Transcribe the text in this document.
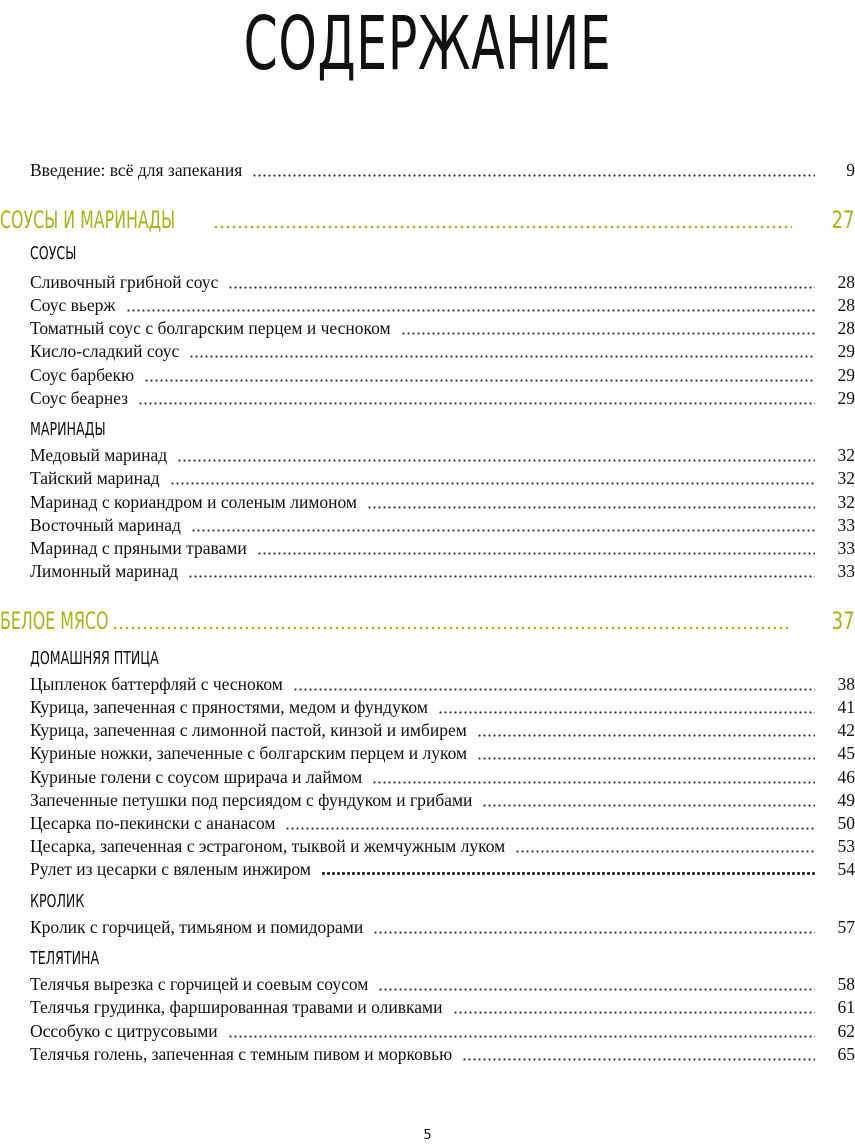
СОДЕРЖАНИЕ
Введение: всё для запекания	9
СОУСЫ И МАРИНАДЫ	27
СОУСЫ
Сливочный грибной соус	28
Соус вьерж	28
Томатный соус с болгарским перцем и чесноком	28
Кисло-сладкий соус	29
Соус барбекю	29
Соус беарнез	29
МАРИНАДЫ
Медовый маринад	32
Тайский маринад	32
Маринад с кориандром и соленым лимоном	32
Восточный маринад	33
Маринад с пряными травами	33
Лимонный маринад	33
БЕЛОЕ МЯСО	37
ДОМАШНЯЯ ПТИЦА
Цыпленок баттерфляй с чесноком	38
Курица, запеченная с пряностями, медом и фундуком	41
Курица, запеченная с лимонной пастой, кинзой и имбирем	42
Куриные ножки, запеченные с болгарским перцем и луком	45
Куриные голени с соусом шрирача и лаймом	46
Запеченные петушки под персиядом с фундуком и грибами	49
Цесарка по-пекински с ананасом	50
Цесарка, запеченная с эстрагоном, тыквой и жемчужным луком	53
Рулет из цесарки с вяленым инжиром	54
КРОЛИК
Кролик с горчицей, тимьяном и помидорами	57
ТЕЛЯТИНА
Телячья вырезка с горчицей и соевым соусом	58
Телячья грудинка, фаршированная травами и оливками	61
Оссобуко с цитрусовыми	62
Телячья голень, запеченная с темным пивом и морковью	65
5
